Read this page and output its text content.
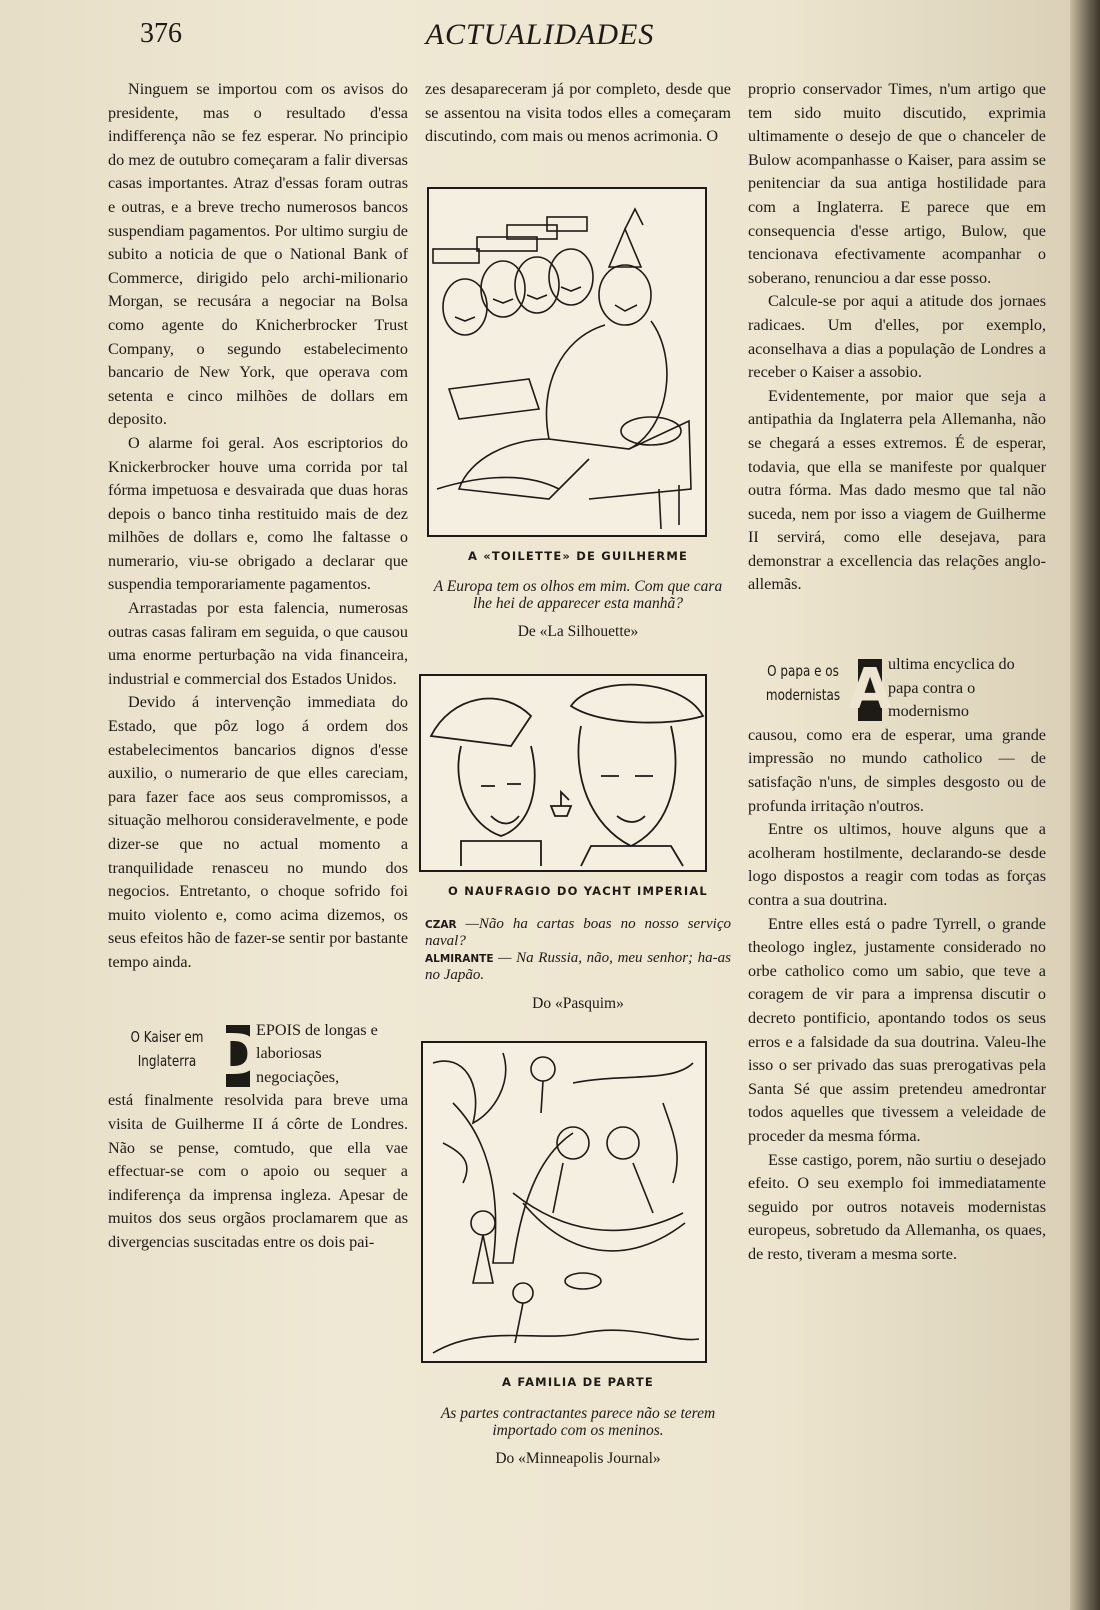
376	ACTUALIDADES

Ninguem se importou com os avisos do presidente, mas o resultado d'essa indifferença não se fez esperar. No principio do mez de outubro começaram a falir diversas casas importantes. Atraz d'essas foram outras e outras, e a breve trecho numerosos bancos suspendiam pagamentos. Por ultimo surgiu de subito a noticia de que o National Bank of Commerce, dirigido pelo archi-milionario Morgan, se recusára a negociar na Bolsa como agente do Knicherbrocker Trust Company, o segundo estabelecimento bancario de New York, que operava com setenta e cinco milhões de dollars em deposito.

O alarme foi geral. Aos escriptorios do Knickerbrocker houve uma corrida por tal fórma impetuosa e desvairada que duas horas depois o banco tinha restituido mais de dez milhões de dollars e, como lhe faltasse o numerario, viu-se obrigado a declarar que suspendia temporariamente pagamentos.

Arrastadas por esta falencia, numerosas outras casas faliram em seguida, o que causou uma enorme perturbação na vida financeira, industrial e commercial dos Estados Unidos.

Devido á intervenção immediata do Estado, que pôz logo á ordem dos estabelecimentos bancarios dignos d'esse auxilio, o numerario de que elles careciam, para fazer face aos seus compromissos, a situação melhorou consideravelmente, e pode dizer-se que no actual momento a tranquilidade renasceu no mundo dos negocios. Entretanto, o choque sofrido foi muito violento e, como acima dizemos, os seus efeitos hão de fazer-se sentir por bastante tempo ainda.

O Kaiser em Inglaterra D
EPOIS de longas e laboriosas negociações,
está finalmente resolvida para breve uma visita de Guilherme II á côrte de Londres. Não se pense, comtudo, que ella vae effectuar-se com o apoio ou sequer a indiferença da imprensa ingleza. Apesar de muitos dos seus orgãos proclamarem que as divergencias suscitadas entre os dois pai-
zes desapareceram já por completo, desde que se assentou na visita todos elles a começaram discutindo, com mais ou menos acrimonia. O
A «TOILETTE» DE GUILHERME
A Europa tem os olhos em mim. Com que cara lhe hei de apparecer esta manhã?
De «La Silhouette»
O NAUFRAGIO DO YACHT IMPERIAL
CZAR —Não ha cartas boas no nosso serviço naval?
ALMIRANTE — Na Russia, não, meu senhor; ha-as no Japão.
Do «Pasquim»
A FAMILIA DE PARTE
As partes contractantes parece não se terem importado com os meninos.
Do «Minneapolis Journal»
proprio conservador Times, n'um artigo que tem sido muito discutido, exprimia ultimamente o desejo de que o chanceler de Bulow acompanhasse o Kaiser, para assim se penitenciar da sua antiga hostilidade para com a Inglaterra. E parece que em consequencia d'esse artigo, Bulow, que tencionava efectivamente acompanhar o soberano, renunciou a dar esse posso.

Calcule-se por aqui a atitude dos jornaes radicaes. Um d'elles, por exemplo, aconselhava a dias a população de Londres a receber o Kaiser a assobio.

Evidentemente, por maior que seja a antipathia da Inglaterra pela Allemanha, não se chegará a esses extremos. É de esperar, todavia, que ella se manifeste por qualquer outra fórma. Mas dado mesmo que tal não suceda, nem por isso a viagem de Guilherme II servirá, como elle desejava, para demonstrar a excellencia das relações anglo-allemãs.

O papa e os modernistas A
ultima encyclica do papa contra o modernismo
causou, como era de esperar, uma grande impressão no mundo catholico — de satisfação n'uns, de simples desgosto ou de profunda irritação n'outros.

Entre os ultimos, houve alguns que a acolheram hostilmente, declarando-se desde logo dispostos a reagir com todas as forças contra a sua doutrina.

Entre elles está o padre Tyrrell, o grande theologo inglez, justamente considerado no orbe catholico como um sabio, que teve a coragem de vir para a imprensa discutir o decreto pontificio, apontando todos os seus erros e a falsidade da sua doutrina. Valeu-lhe isso o ser privado das suas prerogativas pela Santa Sé que assim pretendeu amedrontar todos aquelles que tivessem a veleidade de proceder da mesma fórma.

Esse castigo, porem, não surtiu o desejado efeito. O seu exemplo foi immediatamente seguido por outros notaveis modernistas europeus, sobretudo da Allemanha, os quaes, de resto, tiveram a mesma sorte.
